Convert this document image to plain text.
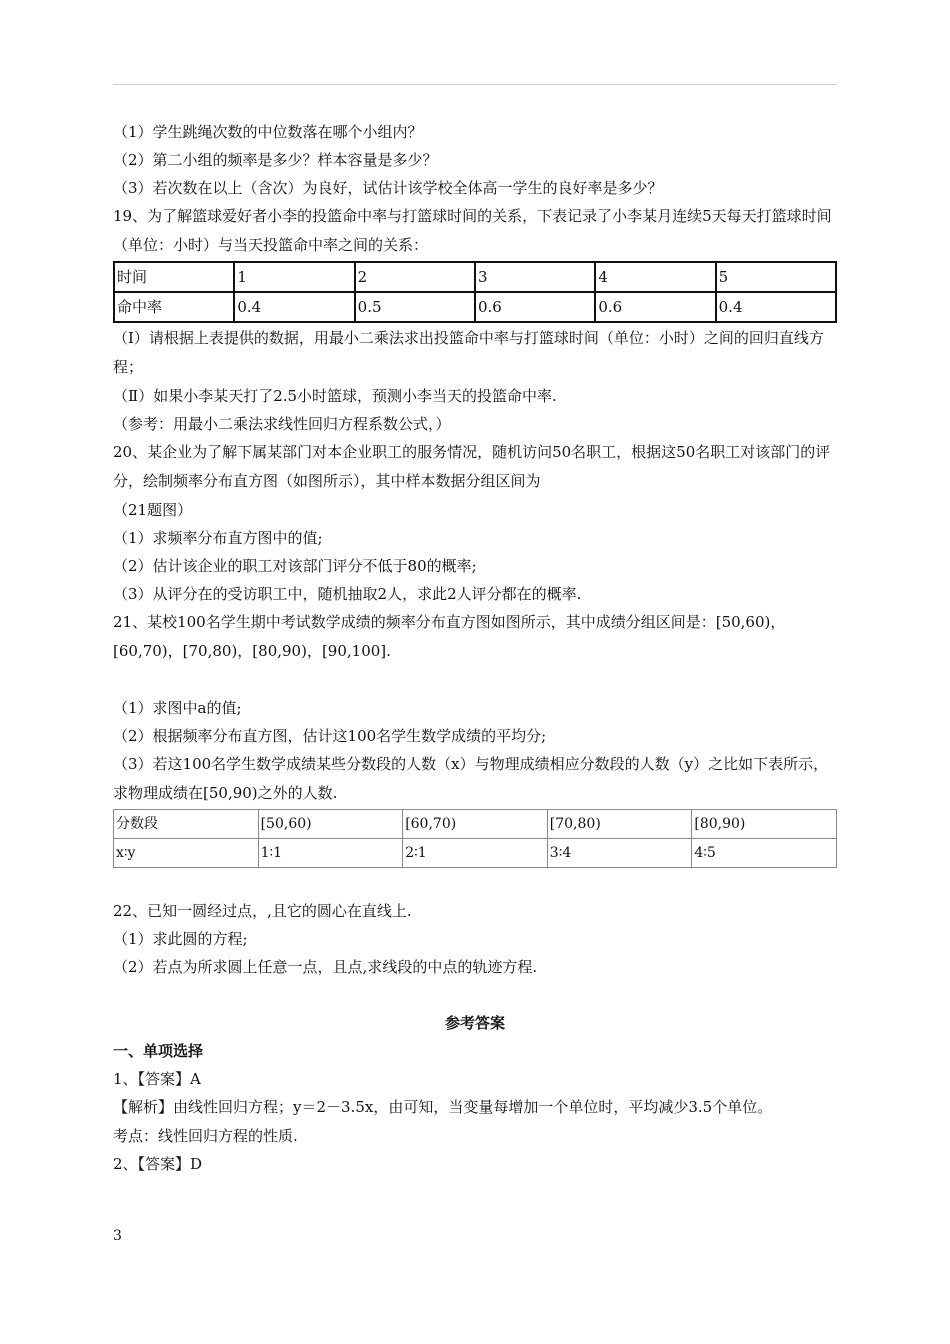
（1）学生跳绳次数的中位数落在哪个小组内？
（2）第二小组的频率是多少？样本容量是多少？
（3）若次数在以上（含次）为良好，试估计该学校全体高一学生的良好率是多少？
19、为了解篮球爱好者小李的投篮命中率与打篮球时间的关系，下表记录了小李某月连续5天每天打篮球时间（单位：小时）与当天投篮命中率之间的关系：
时间	1	2	3	4	5
命中率	0.4	0.5	0.6	0.6	0.4
（Ⅰ）请根据上表提供的数据，用最小二乘法求出投篮命中率与打篮球时间（单位：小时）之间的回归直线方程；
（Ⅱ）如果小李某天打了2.5小时篮球，预测小李当天的投篮命中率.
（参考：用最小二乘法求线性回归方程系数公式，）
20、某企业为了解下属某部门对本企业职工的服务情况，随机访问50名职工，根据这50名职工对该部门的评分，绘制频率分布直方图（如图所示），其中样本数据分组区间为
（21题图）
（1）求频率分布直方图中的值;
（2）估计该企业的职工对该部门评分不低于80的概率;
（3）从评分在的受访职工中，随机抽取2人，求此2人评分都在的概率.
21、某校100名学生期中考试数学成绩的频率分布直方图如图所示，其中成绩分组区间是：[50,60)，[60,70)，[70,80)，[80,90)，[90,100].
（1）求图中a的值;
（2）根据频率分布直方图，估计这100名学生数学成绩的平均分;
（3）若这100名学生数学成绩某些分数段的人数（x）与物理成绩相应分数段的人数（y）之比如下表所示，求物理成绩在[50,90)之外的人数.
分数段	[50,60)	[60,70)	[70,80)	[80,90)
x∶y	1∶1	2∶1	3∶4	4∶5
22、已知一圆经过点，,且它的圆心在直线上.
（1）求此圆的方程;
（2）若点为所求圆上任意一点，且点,求线段的中点的轨迹方程.
参考答案
一、单项选择
1、【答案】A
【解析】由线性回归方程；y＝2－3.5x，由可知，当变量每增加一个单位时，平均减少3.5个单位。
考点：线性回归方程的性质.
2、【答案】D
3
